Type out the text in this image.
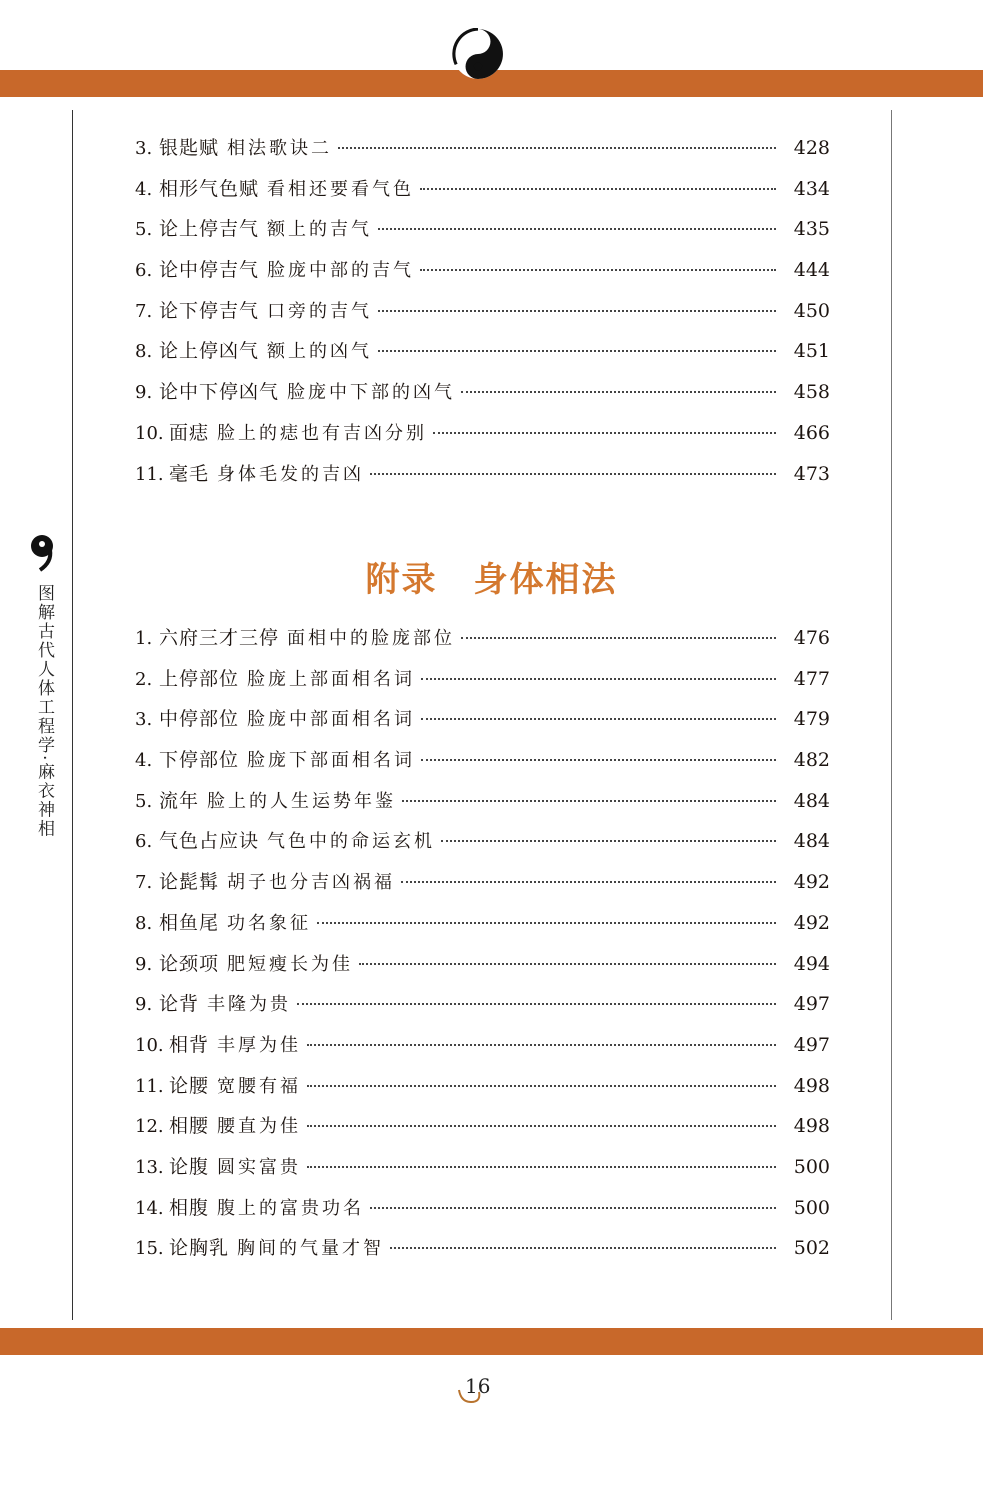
图解古代人体工程学·麻衣神相
3. 银匙赋 相法歌诀二	428
4. 相形气色赋 看相还要看气色	434
5. 论上停吉气 额上的吉气	435
6. 论中停吉气 脸庞中部的吉气	444
7. 论下停吉气 口旁的吉气	450
8. 论上停凶气 额上的凶气	451
9. 论中下停凶气 脸庞中下部的凶气	458
10. 面痣 脸上的痣也有吉凶分别	466
11. 毫毛 身体毛发的吉凶	473
附录　身体相法
1. 六府三才三停 面相中的脸庞部位	476
2. 上停部位 脸庞上部面相名词	477
3. 中停部位 脸庞中部面相名词	479
4. 下停部位 脸庞下部面相名词	482
5. 流年 脸上的人生运势年鉴	484
6. 气色占应诀 气色中的命运玄机	484
7. 论髭髯 胡子也分吉凶祸福	492
8. 相鱼尾 功名象征	492
9. 论颈项 肥短瘦长为佳	494
9. 论背 丰隆为贵	497
10. 相背 丰厚为佳	497
11. 论腰 宽腰有福	498
12. 相腰 腰直为佳	498
13. 论腹 圆实富贵	500
14. 相腹 腹上的富贵功名	500
15. 论胸乳 胸间的气量才智	502
16
